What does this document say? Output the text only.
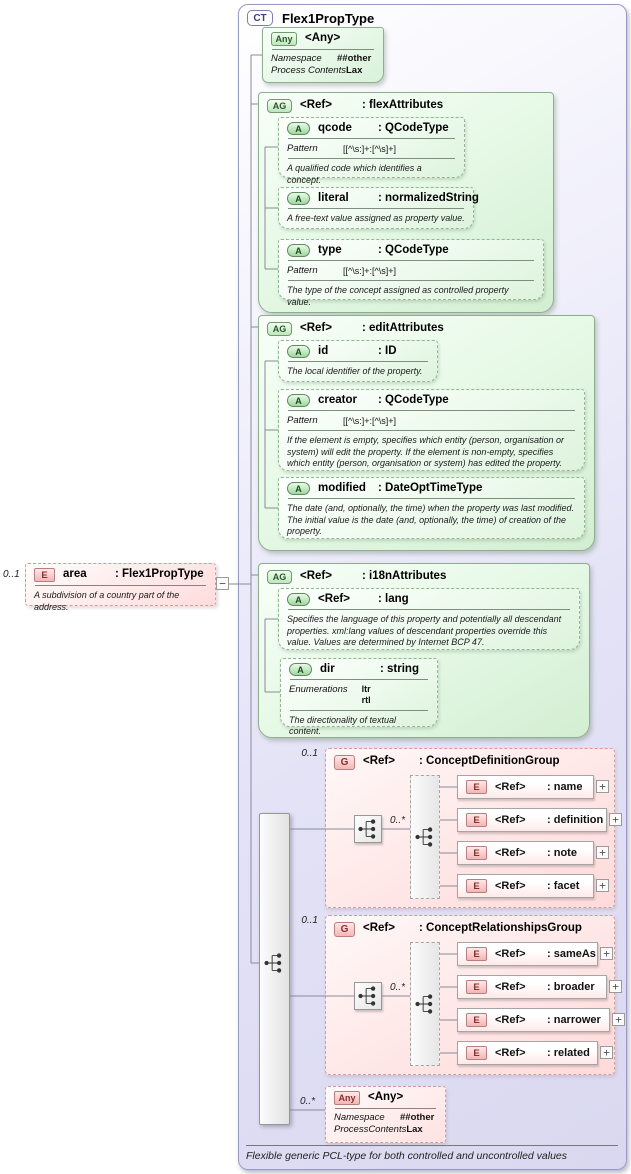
CT	Flex1PropType
Any	<Any>
Namespace	##other
Process Contents Lax
AG	<Ref>	: flexAttributes
A	qcode	: QCodeType
Pattern	[[^\s:]+:[^\s]+]
A qualified code which identifies a concept.
A	literal	: normalizedString
A free-text value assigned as property value.
A	type	: QCodeType
Pattern	[[^\s:]+:[^\s]+]
The type of the concept assigned as controlled property value.
AG	<Ref>	: editAttributes
A	id	: ID
The local identifier of the property.
A	creator	: QCodeType
Pattern	[[^\s:]+:[^\s]+]
If the element is empty, specifies which entity (person, organisation or system) will edit the property. If the element is non-empty, specifies which entity (person, organisation or system) has edited the property.
A	modified	: DateOptTimeType
The date (and, optionally, the time) when the property was last modified. The initial value is the date (and, optionally, the time) of creation of the property.
AG	<Ref>	: i18nAttributes
A	<Ref>	: lang
Specifies the language of this property and potentially all descendant properties. xml:lang values of descendant properties override this value. Values are determined by Internet BCP 47.
A	dir	: string
Enumerations ltr
rtl
The directionality of textual content.
0..1	E	area	: Flex1PropType
A subdivision of a country part of the address.
−
0..1
G	<Ref>	: ConceptDefinitionGroup
0..*
E	<Ref>	: name +
E	<Ref>	: definition +
E	<Ref>	: note +
E	<Ref>	: facet +
0..1
G	<Ref>	: ConceptRelationshipsGroup
0..*
E	<Ref>	: sameAs +
E	<Ref>	: broader +
E	<Ref>	: narrower +
E	<Ref>	: related +
0..*	Any	<Any>
Namespace	##other
ProcessContents Lax
Flexible generic PCL-type for both controlled and uncontrolled values
